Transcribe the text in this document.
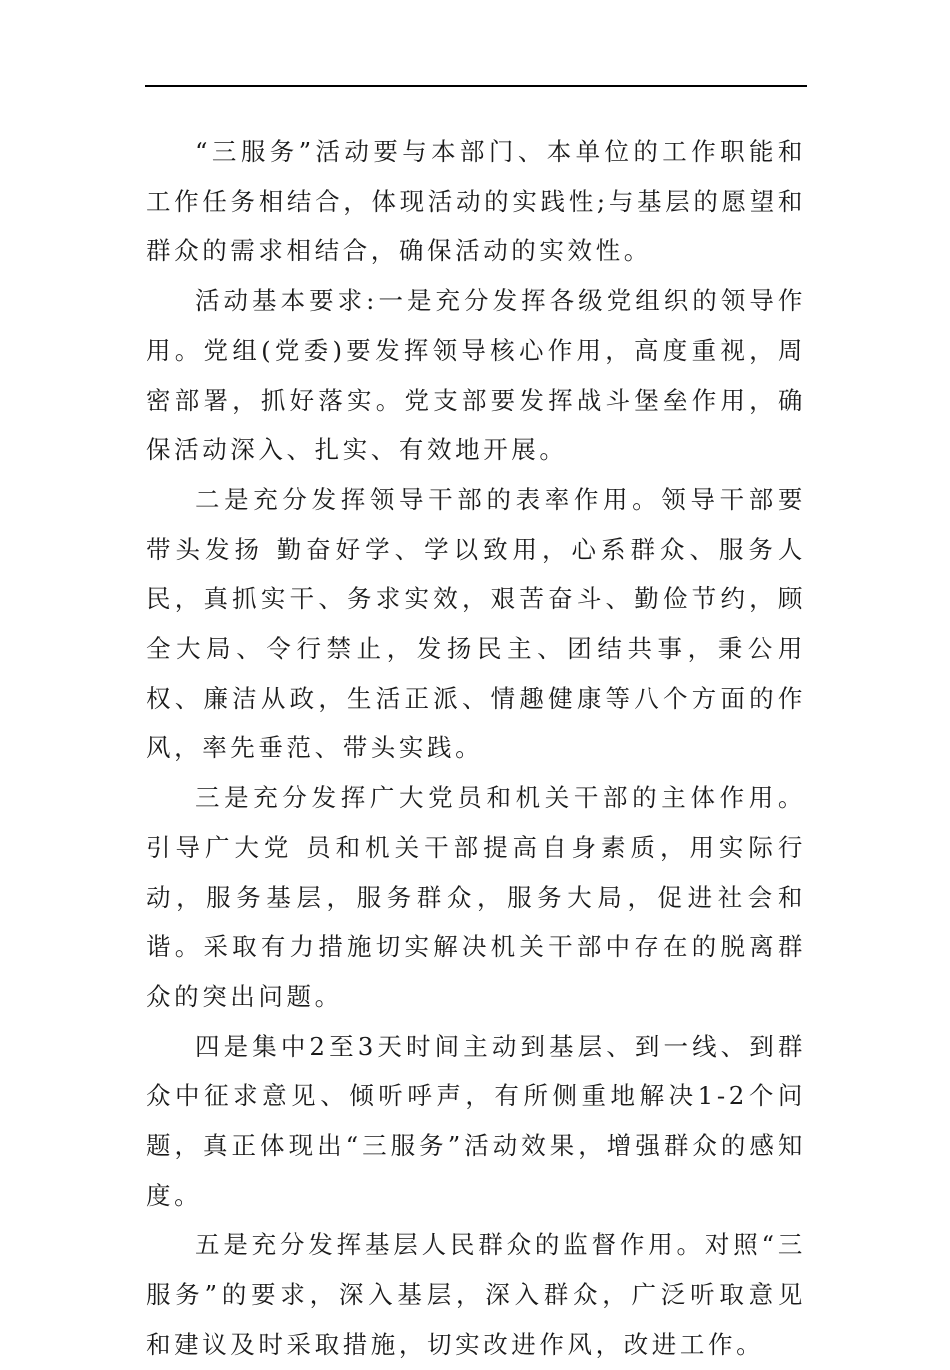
“三服务”活动要与本部门、本单位的工作职能和工作任务相结合，体现活动的实践性;与基层的愿望和群众的需求相结合，确保活动的实效性。

活动基本要求:一是充分发挥各级党组织的领导作用。党组(党委)要发挥领导核心作用，高度重视，周密部署，抓好落实。党支部要发挥战斗堡垒作用，确保活动深入、扎实、有效地开展。

二是充分发挥领导干部的表率作用。领导干部要带头发扬 勤奋好学、学以致用，心系群众、服务人民，真抓实干、务求实效，艰苦奋斗、勤俭节约，顾全大局、令行禁止，发扬民主、团结共事，秉公用权、廉洁从政，生活正派、情趣健康等八个方面的作风，率先垂范、带头实践。

三是充分发挥广大党员和机关干部的主体作用。引导广大党 员和机关干部提高自身素质，用实际行动，服务基层，服务群众，服务大局，促进社会和谐。采取有力措施切实解决机关干部中存在的脱离群众的突出问题。

四是集中2至3天时间主动到基层、到一线、到群众中征求意见、倾听呼声，有所侧重地解决1-2个问题，真正体现出“三服务”活动效果，增强群众的感知度。

五是充分发挥基层人民群众的监督作用。对照“三服务”的要求，深入基层，深入群众，广泛听取意见和建议及时采取措施，切实改进作风，改进工作。
